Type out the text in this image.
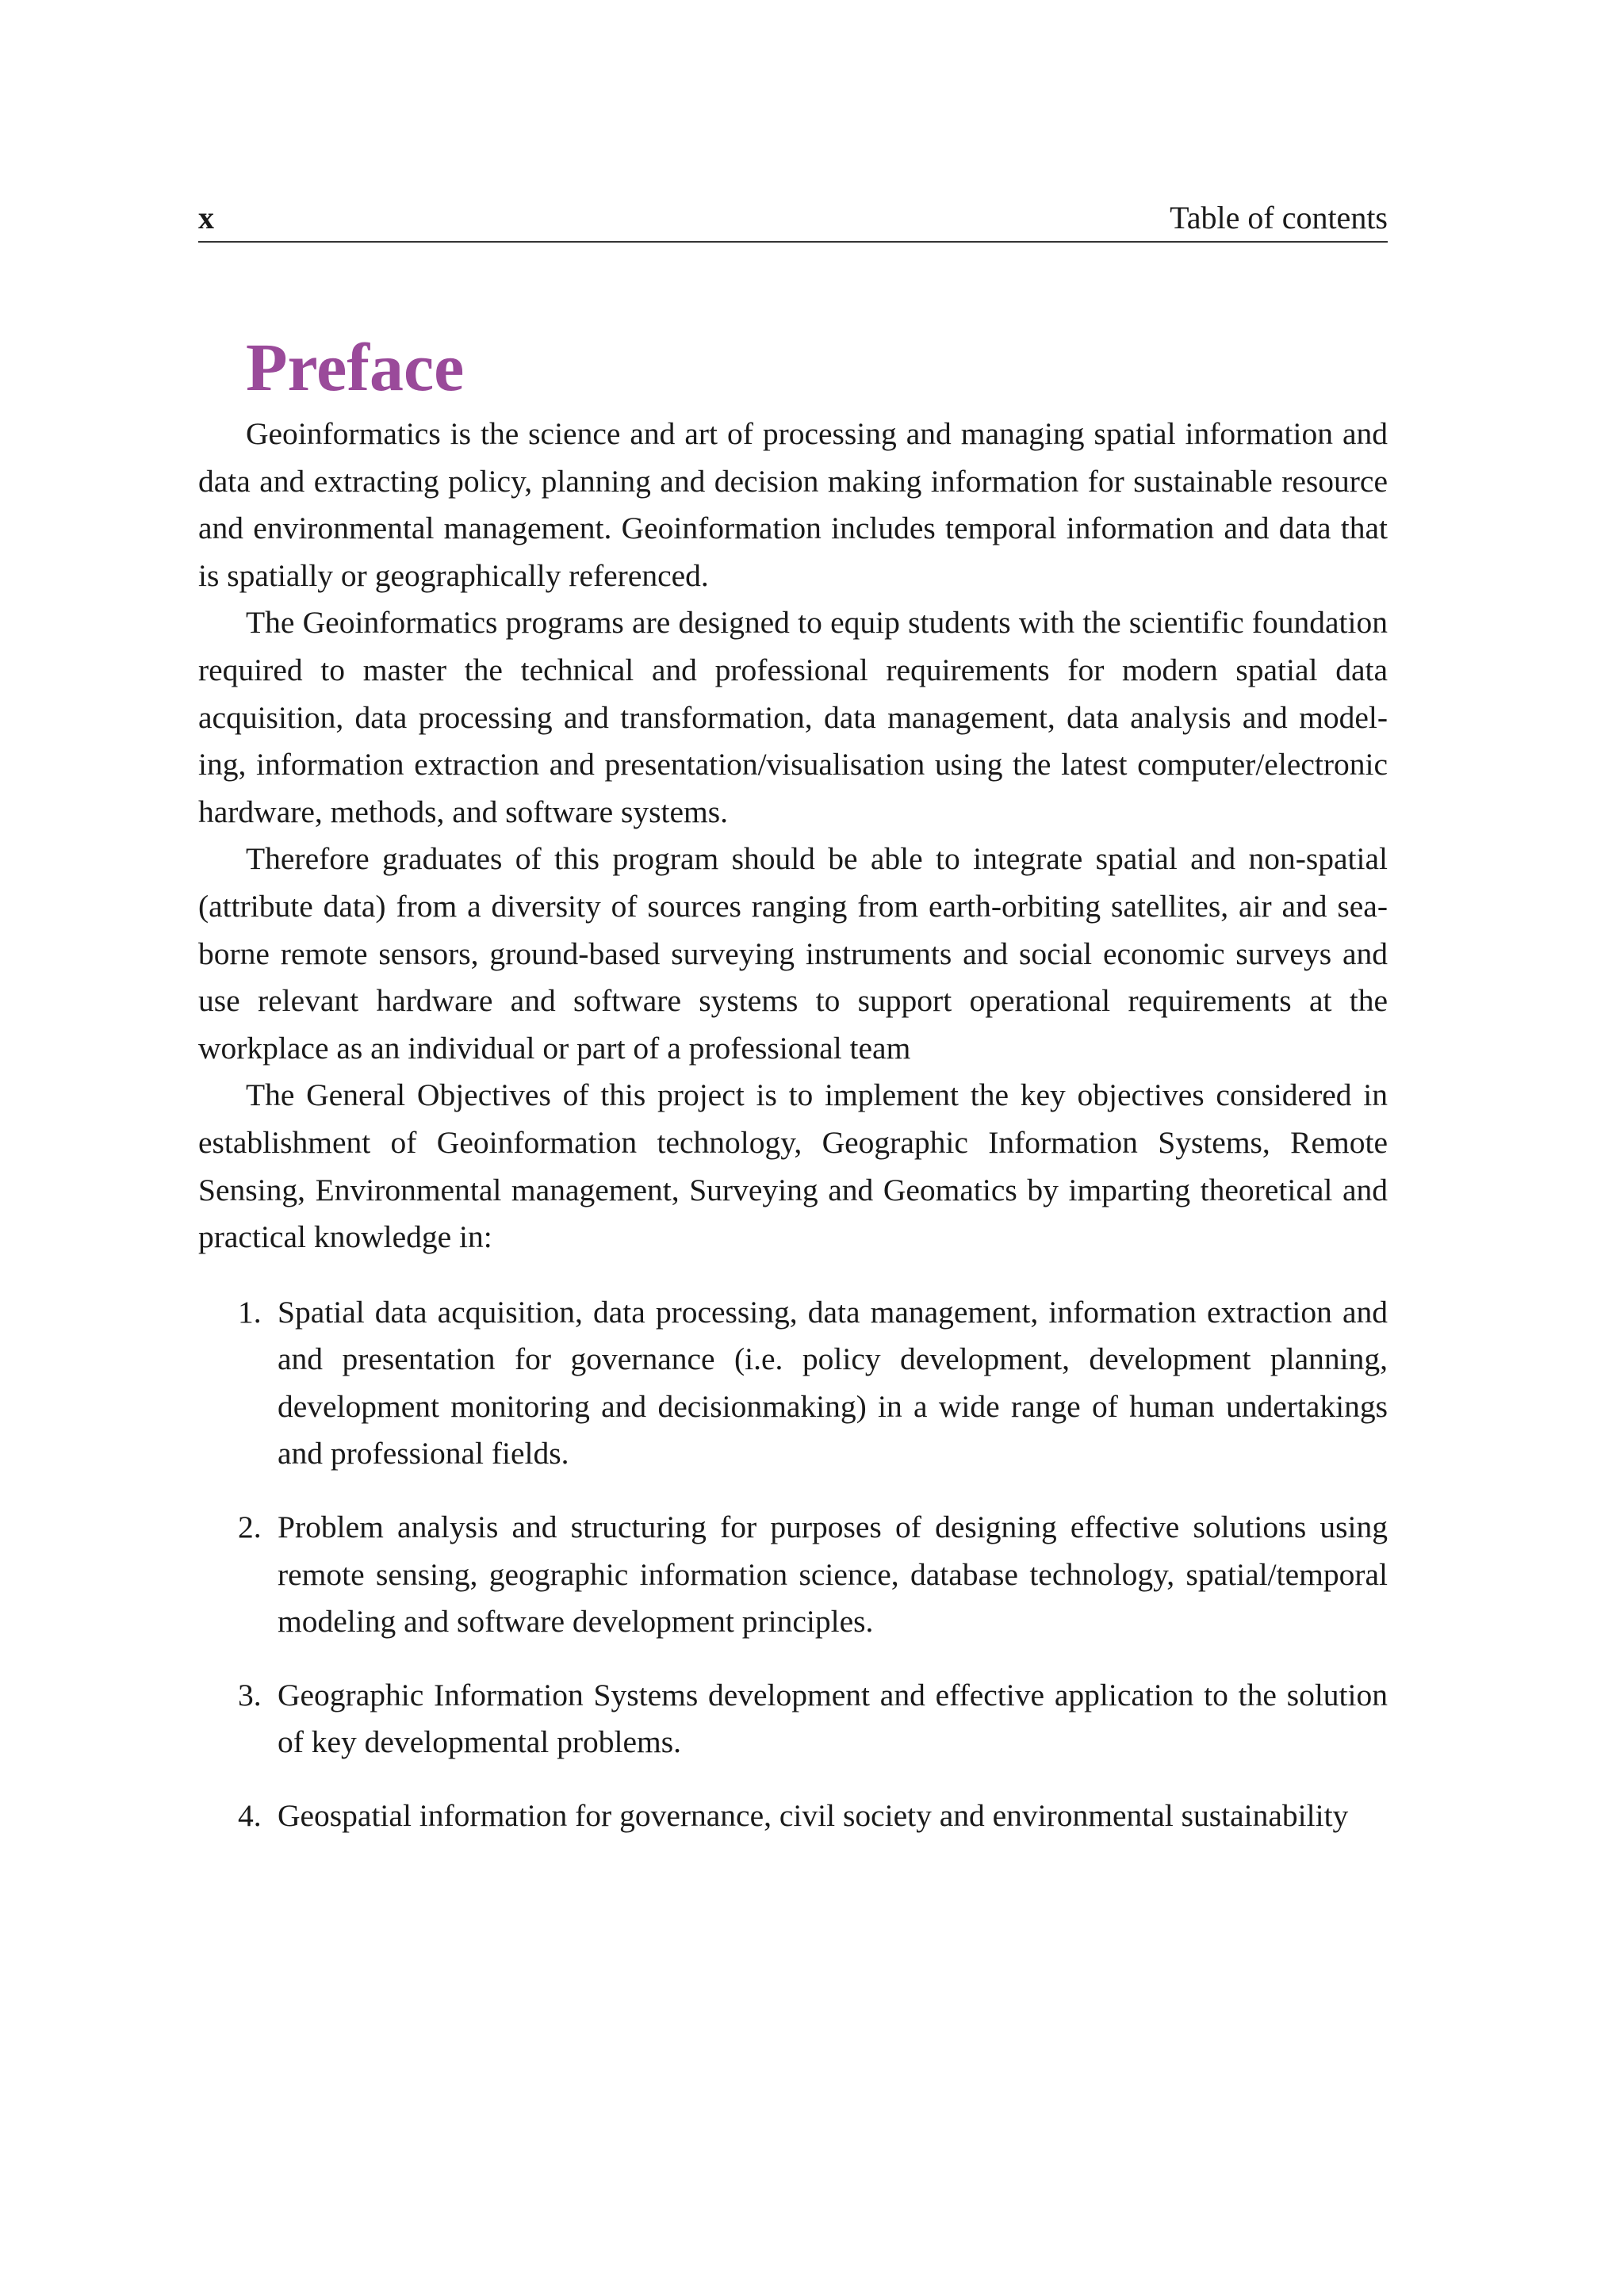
x	Table of contents
Preface

Geoinformatics is the science and art of processing and managing spatial information and data and extracting policy, planning and decision making information for sustainable resource and environmental management. Geoinformation includes temporal information and data that is spatially or geographically referenced.

The Geoinformatics programs are designed to equip students with the scientific foundation required to master the technical and professional requirements for modern spatial data acquisition, data processing and transformation, data management, data analysis and modeling, information extraction and presentation/visualisation using the latest computer/electronic hardware, methods, and software systems.

Therefore graduates of this program should be able to integrate spatial and non-spatial (attribute data) from a diversity of sources ranging from earth-orbiting satellites, air and sea-borne remote sensors, ground-based surveying instruments and social economic surveys and use relevant hardware and software systems to support operational requirements at the workplace as an individual or part of a professional team

The General Objectives of this project is to implement the key objectives considered in establishment of Geoinformation technology, Geographic Information Systems, Remote Sensing, Environmental management, Surveying and Geomatics by imparting theoretical and practical knowledge in:

1. Spatial data acquisition, data processing, data management, information extraction and and presentation for governance (i.e. policy development, development planning, development monitoring and decisionmaking) in a wide range of human undertakings and professional fields.
2. Problem analysis and structuring for purposes of designing effective solutions using remote sensing, geographic information science, database technology, spatial/temporal modeling and software development principles.
3. Geographic Information Systems development and effective application to the solution of key developmental problems.
4. Geospatial information for governance, civil society and environmental sustainability
